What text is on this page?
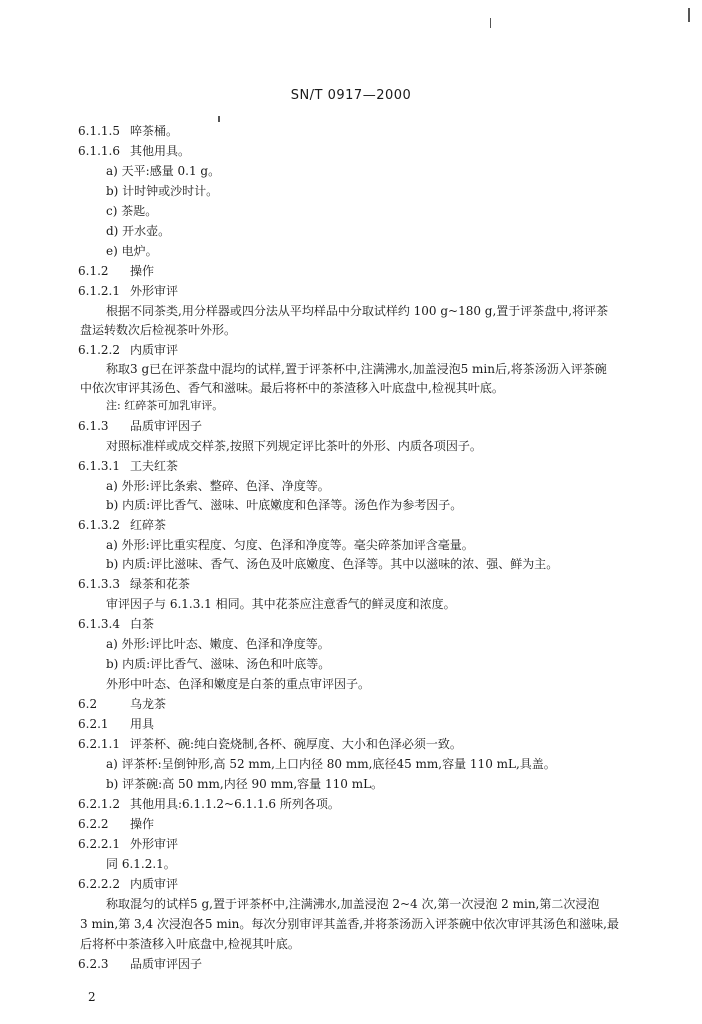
SN/T 0917—2000
6.1.1.5 啐茶桶。
6.1.1.6 其他用具。
a) 天平:感量 0.1 g。
b) 计时钟或沙时计。
c) 茶匙。
d) 开水壶。
e) 电炉。
6.1.2 操作
6.1.2.1 外形审评
根据不同茶类,用分样器或四分法从平均样品中分取试样约 100 g~180 g,置于评茶盘中,将评茶
盘运转数次后检视茶叶外形。
6.1.2.2 内质审评
称取3 g已在评茶盘中混均的试样,置于评茶杯中,注满沸水,加盖浸泡5 min后,将茶汤沥入评茶碗
中依次审评其汤色、香气和滋味。最后将杯中的茶渣移入叶底盘中,检视其叶底。
注: 红碎茶可加乳审评。
6.1.3 品质审评因子
对照标准样或成交样茶,按照下列规定评比茶叶的外形、内质各项因子。
6.1.3.1 工夫红茶
a) 外形:评比条索、整碎、色泽、净度等。
b) 内质:评比香气、滋味、叶底嫩度和色泽等。汤色作为参考因子。
6.1.3.2 红碎茶
a) 外形:评比重实程度、匀度、色泽和净度等。毫尖碎茶加评含毫量。
b) 内质:评比滋味、香气、汤色及叶底嫩度、色泽等。其中以滋味的浓、强、鲜为主。
6.1.3.3 绿茶和花茶
审评因子与 6.1.3.1 相同。其中花茶应注意香气的鲜灵度和浓度。
6.1.3.4 白茶
a) 外形:评比叶态、嫩度、色泽和净度等。
b) 内质:评比香气、滋味、汤色和叶底等。
外形中叶态、色泽和嫩度是白茶的重点审评因子。
6.2	乌龙茶
6.2.1 用具
6.2.1.1 评茶杯、碗:纯白瓷烧制,各杯、碗厚度、大小和色泽必须一致。
a) 评茶杯:呈倒钟形,高 52 mm,上口内径 80 mm,底径45 mm,容量 110 mL,具盖。
b) 评茶碗:高 50 mm,内径 90 mm,容量 110 mL。
6.2.1.2 其他用具:6.1.1.2~6.1.1.6 所列各项。
6.2.2 操作
6.2.2.1 外形审评
同 6.1.2.1。
6.2.2.2 内质审评
称取混匀的试样5 g,置于评茶杯中,注满沸水,加盖浸泡 2~4 次,第一次浸泡 2 min,第二次浸泡
3 min,第 3,4 次浸泡各5 min。每次分别审评其盖香,并将茶汤沥入评茶碗中依次审评其汤色和滋味,最
后将杯中茶渣移入叶底盘中,检视其叶底。
6.2.3 品质审评因子
2
